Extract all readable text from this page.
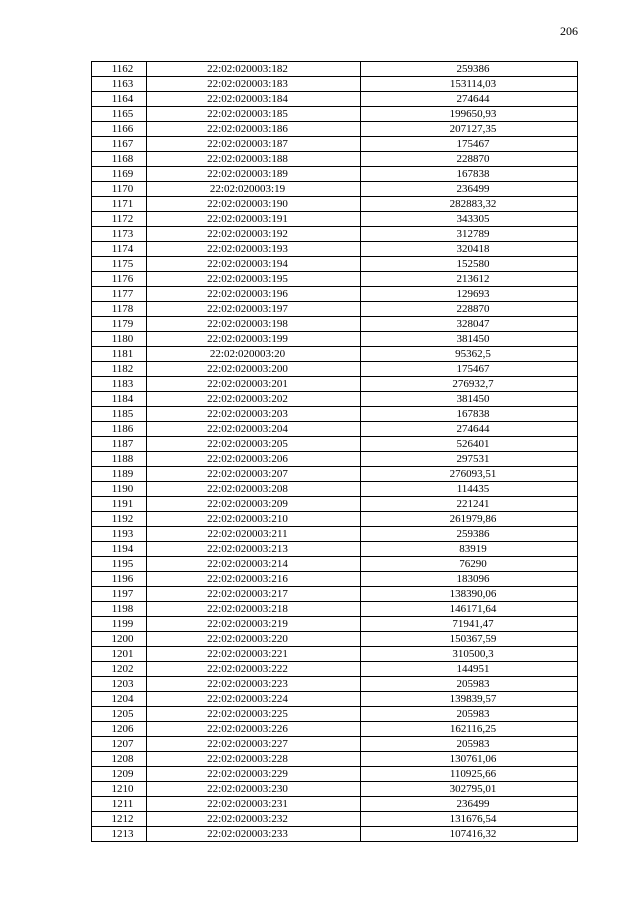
206
1162	22:02:020003:182	259386
1163	22:02:020003:183	153114,03
1164	22:02:020003:184	274644
1165	22:02:020003:185	199650,93
1166	22:02:020003:186	207127,35
1167	22:02:020003:187	175467
1168	22:02:020003:188	228870
1169	22:02:020003:189	167838
1170	22:02:020003:19	236499
1171	22:02:020003:190	282883,32
1172	22:02:020003:191	343305
1173	22:02:020003:192	312789
1174	22:02:020003:193	320418
1175	22:02:020003:194	152580
1176	22:02:020003:195	213612
1177	22:02:020003:196	129693
1178	22:02:020003:197	228870
1179	22:02:020003:198	328047
1180	22:02:020003:199	381450
1181	22:02:020003:20	95362,5
1182	22:02:020003:200	175467
1183	22:02:020003:201	276932,7
1184	22:02:020003:202	381450
1185	22:02:020003:203	167838
1186	22:02:020003:204	274644
1187	22:02:020003:205	526401
1188	22:02:020003:206	297531
1189	22:02:020003:207	276093,51
1190	22:02:020003:208	114435
1191	22:02:020003:209	221241
1192	22:02:020003:210	261979,86
1193	22:02:020003:211	259386
1194	22:02:020003:213	83919
1195	22:02:020003:214	76290
1196	22:02:020003:216	183096
1197	22:02:020003:217	138390,06
1198	22:02:020003:218	146171,64
1199	22:02:020003:219	71941,47
1200	22:02:020003:220	150367,59
1201	22:02:020003:221	310500,3
1202	22:02:020003:222	144951
1203	22:02:020003:223	205983
1204	22:02:020003:224	139839,57
1205	22:02:020003:225	205983
1206	22:02:020003:226	162116,25
1207	22:02:020003:227	205983
1208	22:02:020003:228	130761,06
1209	22:02:020003:229	110925,66
1210	22:02:020003:230	302795,01
1211	22:02:020003:231	236499
1212	22:02:020003:232	131676,54
1213	22:02:020003:233	107416,32
